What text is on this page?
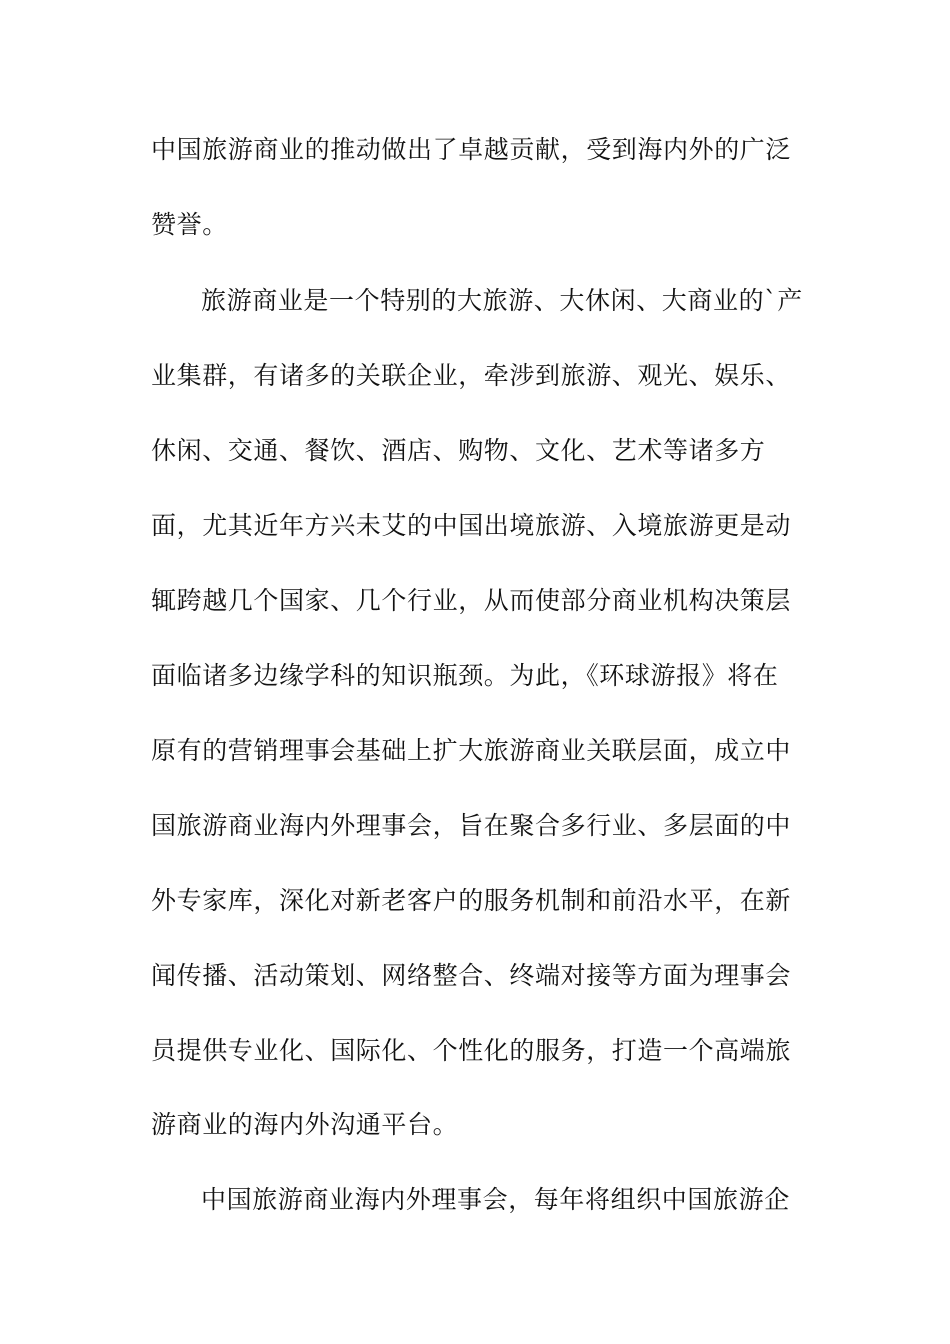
中国旅游商业的推动做出了卓越贡献，受到海内外的广泛
赞誉。
旅游商业是一个特别的大旅游、大休闲、大商业的`产
业集群，有诸多的关联企业，牵涉到旅游、观光、娱乐、
休闲、交通、餐饮、酒店、购物、文化、艺术等诸多方
面，尤其近年方兴未艾的中国出境旅游、入境旅游更是动
辄跨越几个国家、几个行业，从而使部分商业机构决策层
面临诸多边缘学科的知识瓶颈。为此，《环球游报》将在
原有的营销理事会基础上扩大旅游商业关联层面，成立中
国旅游商业海内外理事会，旨在聚合多行业、多层面的中
外专家库，深化对新老客户的服务机制和前沿水平，在新
闻传播、活动策划、网络整合、终端对接等方面为理事会
员提供专业化、国际化、个性化的服务，打造一个高端旅
游商业的海内外沟通平台。
中国旅游商业海内外理事会，每年将组织中国旅游企
